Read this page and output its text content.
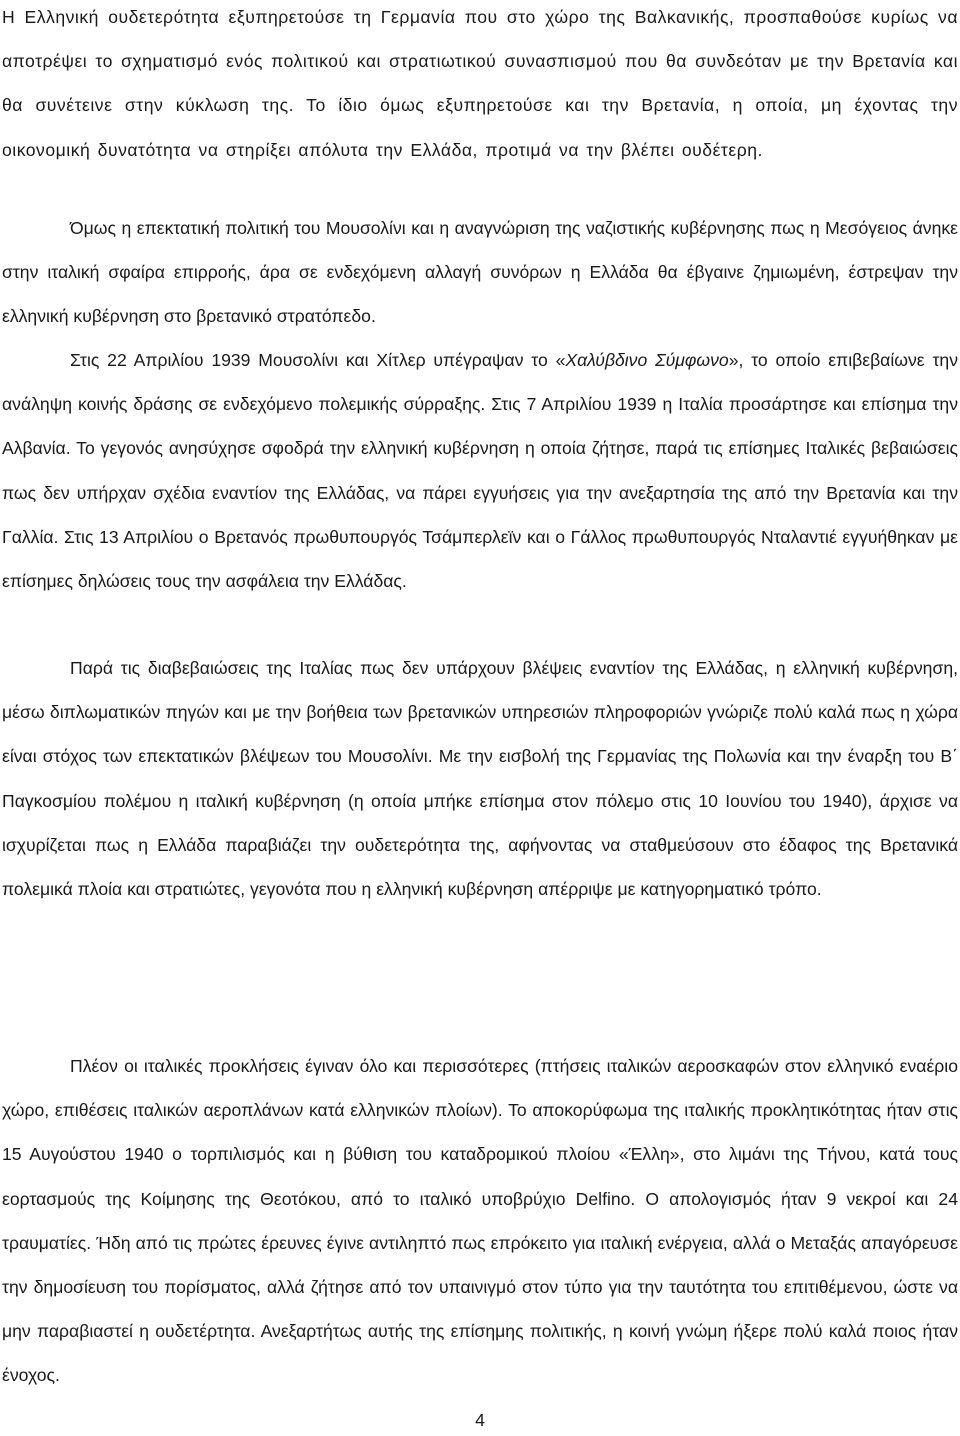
Η Ελληνική ουδετερότητα εξυπηρετούσε τη Γερμανία που στο χώρο της Βαλκανικής, προσπαθούσε κυρίως να αποτρέψει το σχηματισμό ενός πολιτικού και στρατιωτικού συνασπισμού που θα συνδεόταν με την Βρετανία και θα συνέτεινε στην κύκλωση της. Το ίδιο όμως εξυπηρετούσε και την Βρετανία, η οποία, μη έχοντας την οικονομική δυνατότητα να στηρίξει απόλυτα την Ελλάδα, προτιμά να την βλέπει ουδέτερη.

Όμως η επεκτατική πολιτική του Μουσολίνι και η αναγνώριση της ναζιστικής κυβέρνησης πως η Μεσόγειος άνηκε στην ιταλική σφαίρα επιρροής, άρα σε ενδεχόμενη αλλαγή συνόρων η Ελλάδα θα έβγαινε ζημιωμένη, έστρεψαν την ελληνική κυβέρνηση στο βρετανικό στρατόπεδο.

Στις 22 Απριλίου 1939 Μουσολίνι και Χίτλερ υπέγραψαν το «Χαλύβδινο Σύμφωνο», το οποίο επιβεβαίωνε την ανάληψη κοινής δράσης σε ενδεχόμενο πολεμικής σύρραξης. Στις 7 Απριλίου 1939 η Ιταλία προσάρτησε και επίσημα την Αλβανία. Το γεγονός ανησύχησε σφοδρά την ελληνική κυβέρνηση η οποία ζήτησε, παρά τις επίσημες Ιταλικές βεβαιώσεις πως δεν υπήρχαν σχέδια εναντίον της Ελλάδας, να πάρει εγγυήσεις για την ανεξαρτησία της από την Βρετανία και την Γαλλία. Στις 13 Απριλίου ο Βρετανός πρωθυπουργός Τσάμπερλεϊν και ο Γάλλος πρωθυπουργός Νταλαντιέ εγγυήθηκαν με επίσημες δηλώσεις τους την ασφάλεια την Ελλάδας.

Παρά τις διαβεβαιώσεις της Ιταλίας πως δεν υπάρχουν βλέψεις εναντίον της Ελλάδας, η ελληνική κυβέρνηση, μέσω διπλωματικών πηγών και με την βοήθεια των βρετανικών υπηρεσιών πληροφοριών γνώριζε πολύ καλά πως η χώρα είναι στόχος των επεκτατικών βλέψεων του Μουσολίνι. Με την εισβολή της Γερμανίας της Πολωνία και την έναρξη του Β΄ Παγκοσμίου πολέμου η ιταλική κυβέρνηση (η οποία μπήκε επίσημα στον πόλεμο στις 10 Ιουνίου του 1940), άρχισε να ισχυρίζεται πως η Ελλάδα παραβιάζει την ουδετερότητα της, αφήνοντας να σταθμεύσουν στο έδαφος της Βρετανικά πολεμικά πλοία και στρατιώτες, γεγονότα που η ελληνική κυβέρνηση απέρριψε με κατηγορηματικό τρόπο.

Πλέον οι ιταλικές προκλήσεις έγιναν όλο και περισσότερες (πτήσεις ιταλικών αεροσκαφών στον ελληνικό εναέριο χώρο, επιθέσεις ιταλικών αεροπλάνων κατά ελληνικών πλοίων). Το αποκορύφωμα της ιταλικής προκλητικότητας ήταν στις 15 Αυγούστου 1940 ο τορπιλισμός και η βύθιση του καταδρομικού πλοίου «Έλλη», στο λιμάνι της Τήνου, κατά τους εορτασμούς της Κοίμησης της Θεοτόκου, από το ιταλικό υποβρύχιο Delfino. Ο απολογισμός ήταν 9 νεκροί και 24 τραυματίες. Ήδη από τις πρώτες έρευνες έγινε αντιληπτό πως επρόκειτο για ιταλική ενέργεια, αλλά ο Μεταξάς απαγόρευσε την δημοσίευση του πορίσματος, αλλά ζήτησε από τον υπαινιγμό στον τύπο για την ταυτότητα του επιτιθέμενου, ώστε να μην παραβιαστεί η ουδετέρτητα. Ανεξαρτήτως αυτής της επίσημης πολιτικής, η κοινή γνώμη ήξερε πολύ καλά ποιος ήταν ένοχος.

4
